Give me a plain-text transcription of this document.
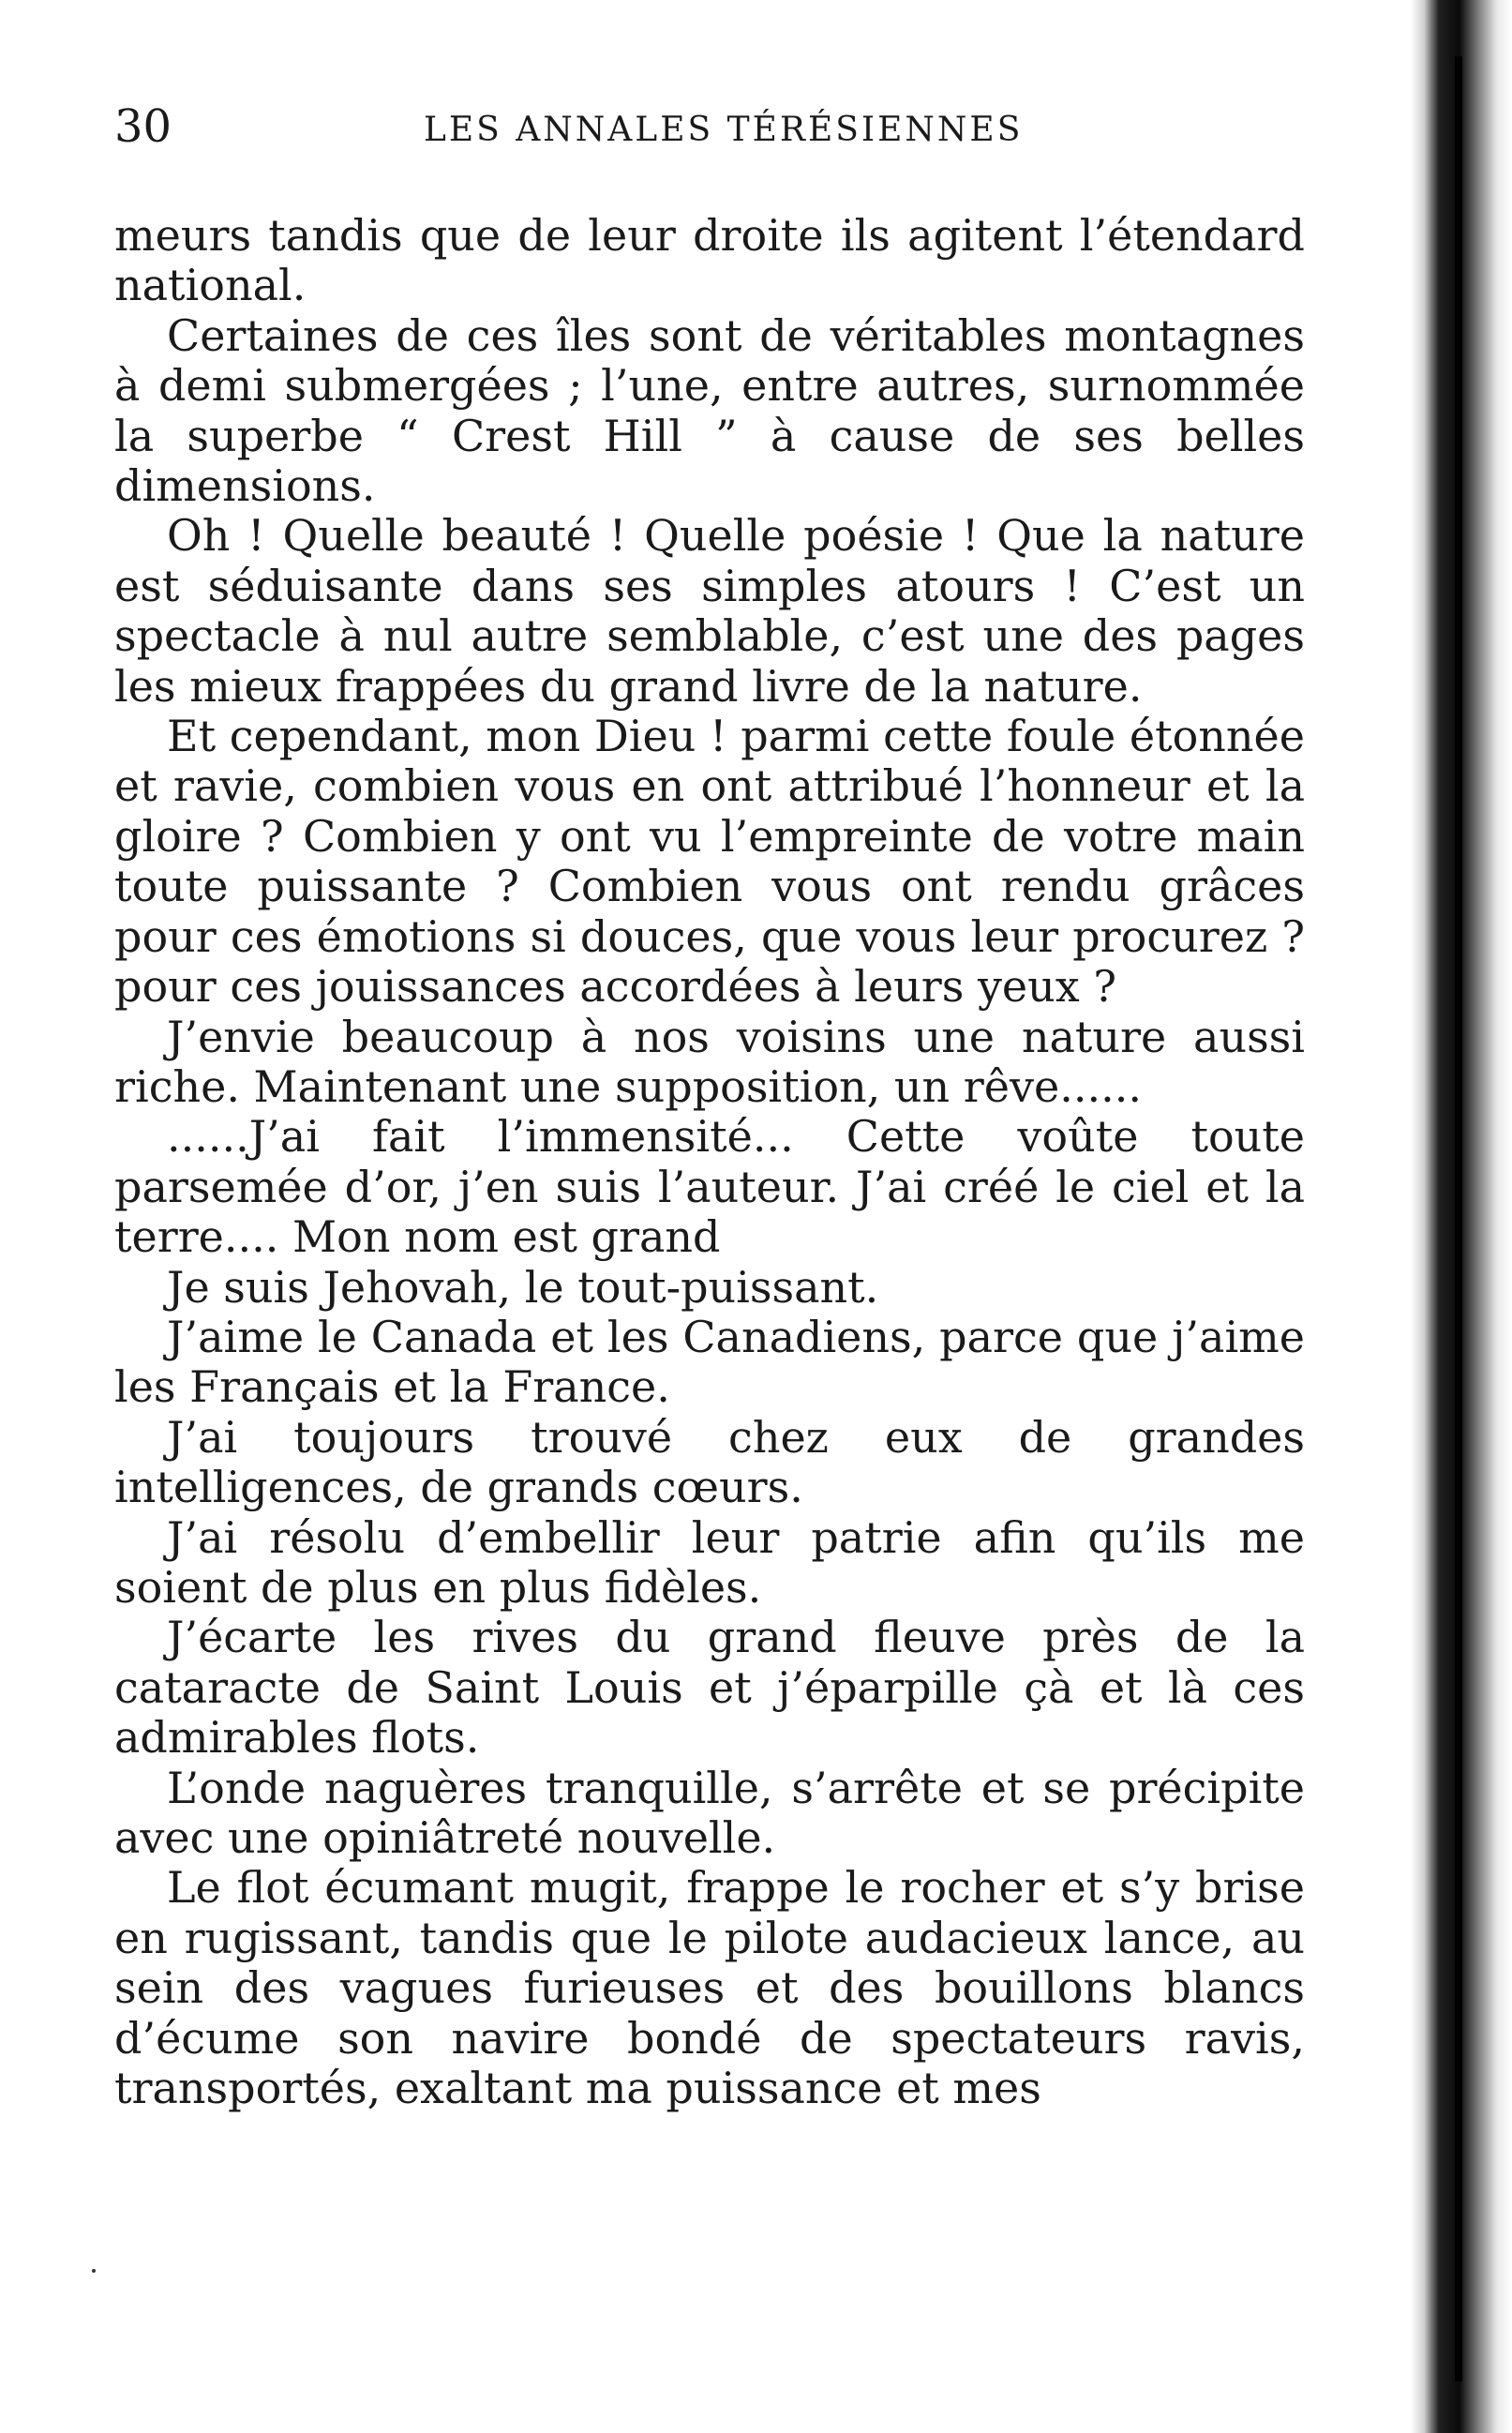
30	LES ANNALES TÉRÉSIENNES

meurs tandis que de leur droite ils agitent l’étendard national.

Certaines de ces îles sont de véritables montagnes à demi submergées ; l’une, entre autres, surnommée la superbe “ Crest Hill ” à cause de ses belles dimensions.

Oh ! Quelle beauté ! Quelle poésie ! Que la nature est séduisante dans ses simples atours ! C’est un spectacle à nul autre semblable, c’est une des pages les mieux frappées du grand livre de la nature.

Et cependant, mon Dieu ! parmi cette foule étonnée et ravie, combien vous en ont attribué l’honneur et la gloire ? Combien y ont vu l’empreinte de votre main toute puissante ? Combien vous ont rendu grâces pour ces émotions si douces, que vous leur procurez ? pour ces jouissances accordées à leurs yeux ?

J’envie beaucoup à nos voisins une nature aussi riche. Maintenant une supposition, un rêve......

......J’ai fait l’immensité... Cette voûte toute parsemée d’or, j’en suis l’auteur. J’ai créé le ciel et la terre.... Mon nom est grand

Je suis Jehovah, le tout-puissant.

J’aime le Canada et les Canadiens, parce que j’aime les Français et la France.

J’ai toujours trouvé chez eux de grandes intelligences, de grands cœurs.

J’ai résolu d’embellir leur patrie afin qu’ils me soient de plus en plus fidèles.

J’écarte les rives du grand fleuve près de la cataracte de Saint Louis et j’éparpille çà et là ces admirables flots.

L’onde naguères tranquille, s’arrête et se précipite avec une opiniâtreté nouvelle.

Le flot écumant mugit, frappe le rocher et s’y brise en rugissant, tandis que le pilote audacieux lance, au sein des vagues furieuses et des bouillons blancs d’écume son navire bondé de spectateurs ravis, transportés, exaltant ma puissance et mes
